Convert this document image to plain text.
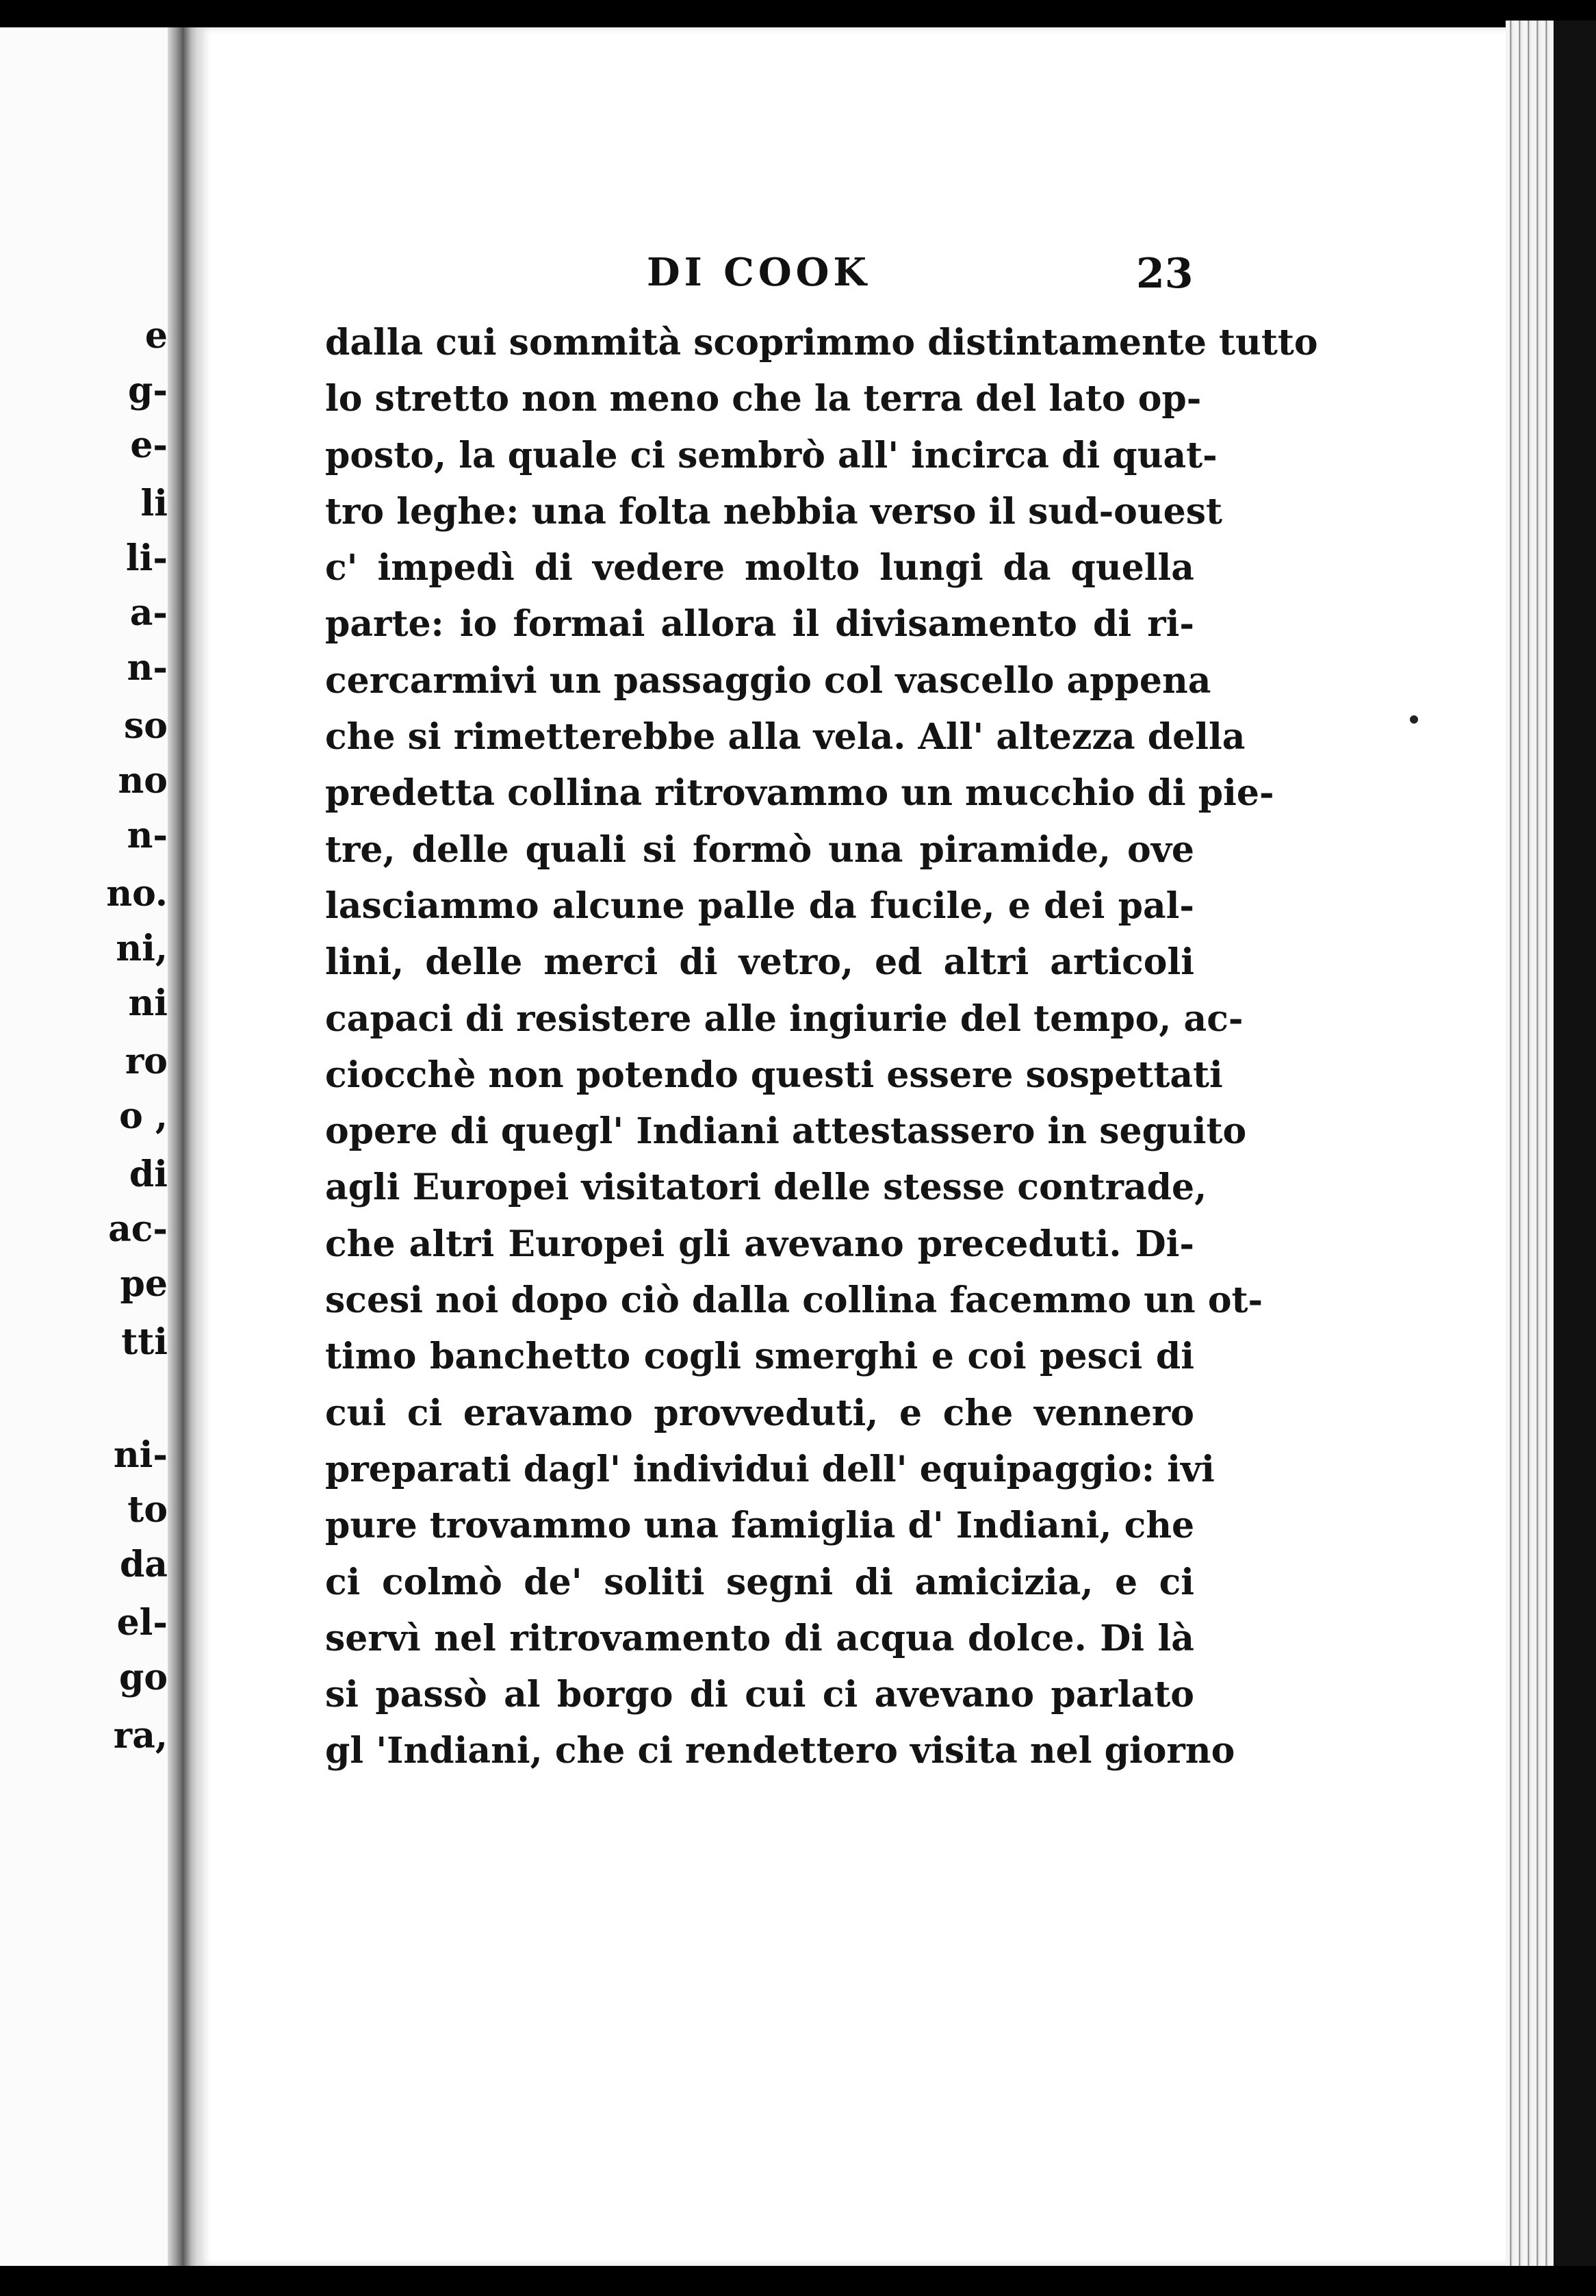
e
g-
e-
li
li-
a-
n-
so
no
n-
no.
ni,
ni
ro
o ,
di
ac-
pe
tti
ni-
to
da
el-
go
ra,
DI COOK	23
dalla cui sommità scoprimmo distintamente tutto
lo stretto non meno che la terra del lato op-
posto, la quale ci sembrò all' incirca di quat-
tro leghe: una folta nebbia verso il sud-ouest
c' impedì di vedere molto lungi da quella
parte: io formai allora il divisamento di ri-
cercarmivi un passaggio col vascello appena
che si rimetterebbe alla vela. All' altezza della
predetta collina ritrovammo un mucchio di pie-
tre, delle quali si formò una piramide, ove
lasciammo alcune palle da fucile, e dei pal-
lini, delle merci di vetro, ed altri articoli
capaci di resistere alle ingiurie del tempo, ac-
ciocchè non potendo questi essere sospettati
opere di quegl' Indiani attestassero in seguito
agli Europei visitatori delle stesse contrade,
che altri Europei gli avevano preceduti. Di-
scesi noi dopo ciò dalla collina facemmo un ot-
timo banchetto cogli smerghi e coi pesci di
cui ci eravamo provveduti, e che vennero
preparati dagl' individui dell' equipaggio: ivi
pure trovammo una famiglia d' Indiani, che
ci colmò de' soliti segni di amicizia, e ci
servì nel ritrovamento di acqua dolce. Di là
si passò al borgo di cui ci avevano parlato
gl 'Indiani, che ci rendettero visita nel giorno
